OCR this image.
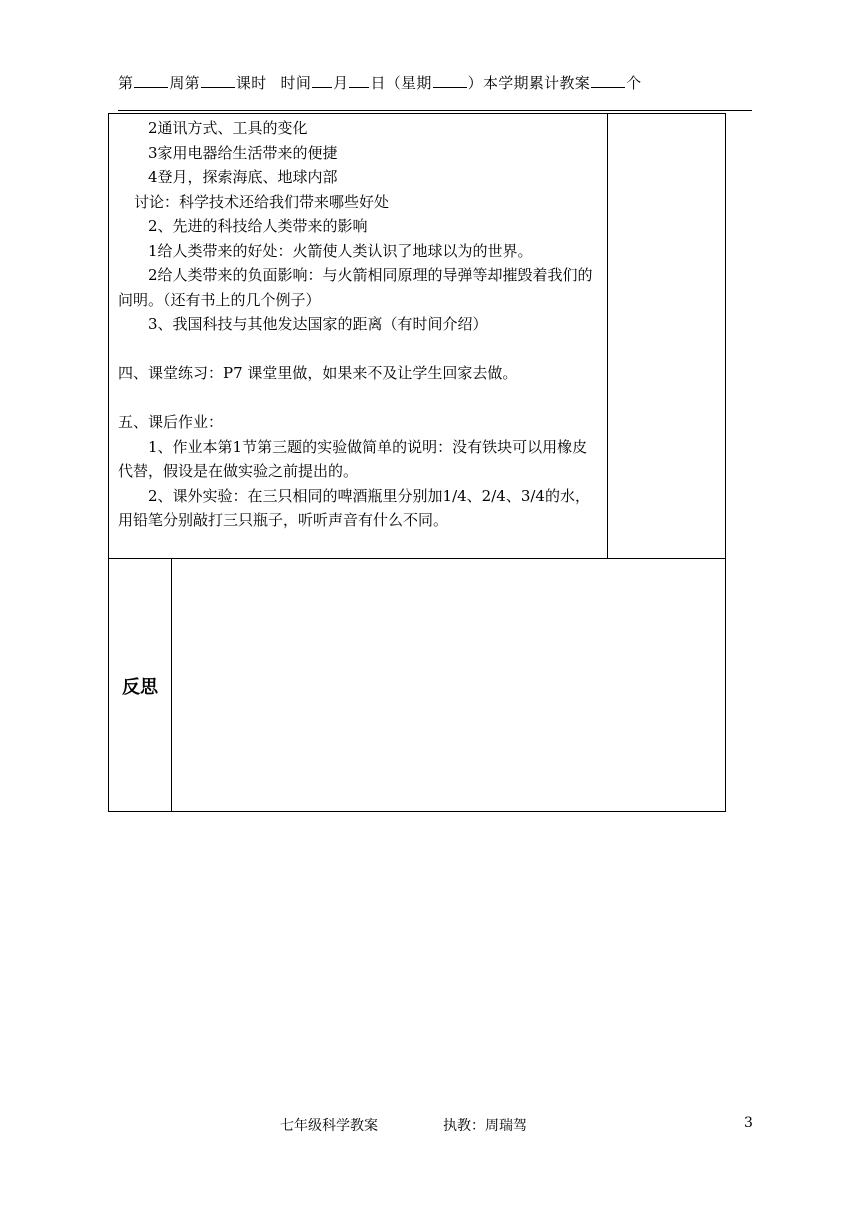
第 周第 课时 时间 月 日（星期 ）本学期累计教案 个
2通讯方式、工具的变化
3家用电器给生活带来的便捷
4登月，探索海底、地球内部
讨论：科学技术还给我们带来哪些好处
2、先进的科技给人类带来的影响
1给人类带来的好处：火箭使人类认识了地球以为的世界。
2给人类带来的负面影响：与火箭相同原理的导弹等却摧毁着我们的问明。（还有书上的几个例子）
3、我国科技与其他发达国家的距离（有时间介绍）
四、课堂练习：P7 课堂里做，如果来不及让学生回家去做。
五、课后作业：
1、作业本第1节第三题的实验做简单的说明：没有铁块可以用橡皮代替，假设是在做实验之前提出的。
2、课外实验：在三只相同的啤酒瓶里分别加1/4、2/4、3/4的水，用铅笔分别敲打三只瓶子，听听声音有什么不同。
反思
七年级科学教案	执教：周瑞驾	3
